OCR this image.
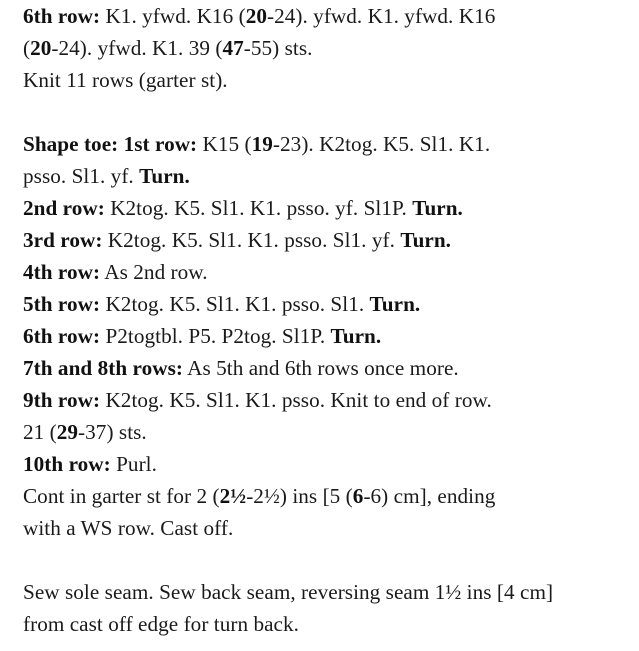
6th row: K1. yfwd. K16 (20-24). yfwd. K1. yfwd. K16
(20-24). yfwd. K1. 39 (47-55) sts.
Knit 11 rows (garter st).
Shape toe: 1st row: K15 (19-23). K2tog. K5. Sl1. K1.
psso. Sl1. yf. Turn.
2nd row: K2tog. K5. Sl1. K1. psso. yf. Sl1P. Turn.
3rd row: K2tog. K5. Sl1. K1. psso. Sl1. yf. Turn.
4th row: As 2nd row.
5th row: K2tog. K5. Sl1. K1. psso. Sl1. Turn.
6th row: P2togtbl. P5. P2tog. Sl1P. Turn.
7th and 8th rows: As 5th and 6th rows once more.
9th row: K2tog. K5. Sl1. K1. psso. Knit to end of row.
21 (29-37) sts.
10th row: Purl.
Cont in garter st for 2 (2½-2½) ins [5 (6-6) cm], ending
with a WS row. Cast off.
Sew sole seam. Sew back seam, reversing seam 1½ ins [4 cm]
from cast off edge for turn back.
